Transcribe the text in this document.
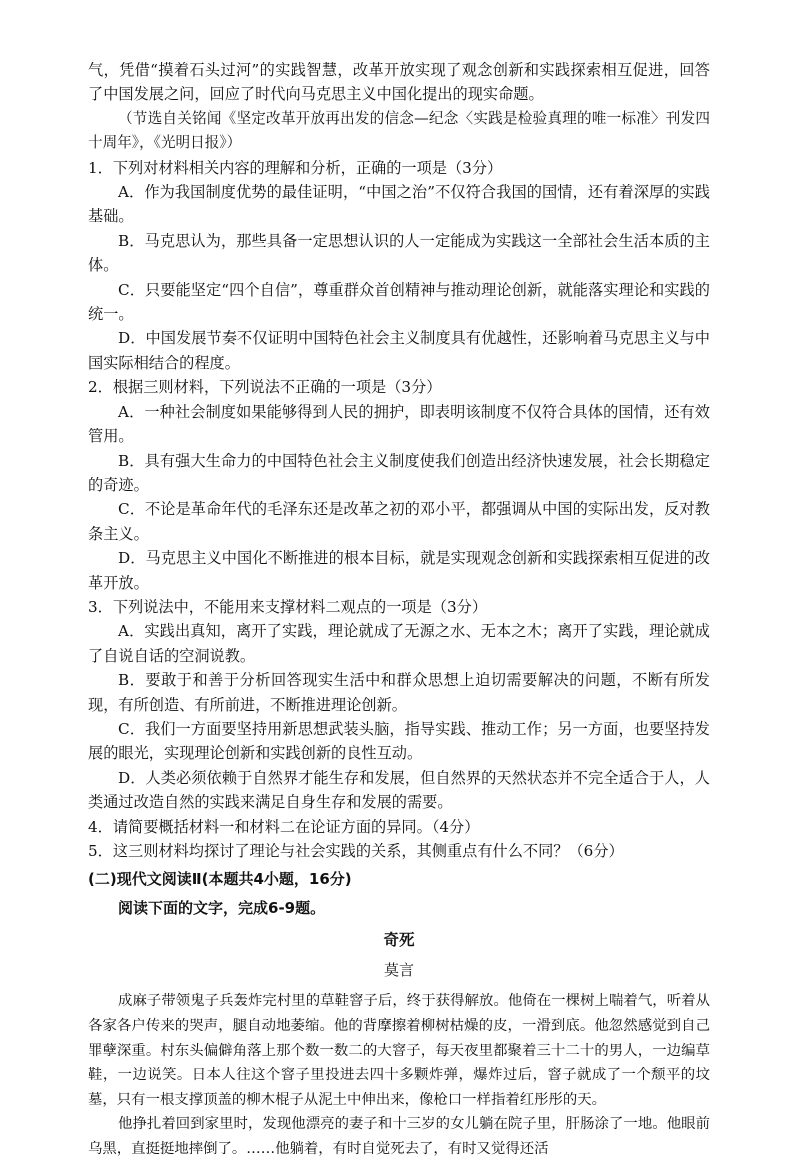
气，凭借“摸着石头过河”的实践智慧，改革开放实现了观念创新和实践探索相互促进，回答了中国发展之问，回应了时代向马克思主义中国化提出的现实命题。

（节选自关铭闻《坚定改革开放再出发的信念—纪念〈实践是检验真理的唯一标准〉刊发四十周年》，《光明日报》）

1．下列对材料相关内容的理解和分析，正确的一项是（3分）

A．作为我国制度优势的最佳证明，“中国之治”不仅符合我国的国情，还有着深厚的实践基础。

B．马克思认为，那些具备一定思想认识的人一定能成为实践这一全部社会生活本质的主体。

C．只要能坚定“四个自信”，尊重群众首创精神与推动理论创新，就能落实理论和实践的统一。

D．中国发展节奏不仅证明中国特色社会主义制度具有优越性，还影响着马克思主义与中国实际相结合的程度。

2．根据三则材料，下列说法不正确的一项是（3分）

A．一种社会制度如果能够得到人民的拥护，即表明该制度不仅符合具体的国情，还有效管用。

B．具有强大生命力的中国特色社会主义制度使我们创造出经济快速发展，社会长期稳定的奇迹。

C．不论是革命年代的毛泽东还是改革之初的邓小平，都强调从中国的实际出发，反对教条主义。

D．马克思主义中国化不断推进的根本目标，就是实现观念创新和实践探索相互促进的改革开放。

3．下列说法中，不能用来支撑材料二观点的一项是（3分）

A．实践出真知，离开了实践，理论就成了无源之水、无本之木；离开了实践，理论就成了自说自话的空洞说教。

B．要敢于和善于分析回答现实生活中和群众思想上迫切需要解决的问题，不断有所发现，有所创造、有所前进，不断推进理论创新。

C．我们一方面要坚持用新思想武装头脑，指导实践、推动工作；另一方面，也要坚持发展的眼光，实现理论创新和实践创新的良性互动。

D．人类必须依赖于自然界才能生存和发展，但自然界的天然状态并不完全适合于人，人类通过改造自然的实践来满足自身生存和发展的需要。

4．请简要概括材料一和材料二在论证方面的异同。（4分）

5．这三则材料均探讨了理论与社会实践的关系，其侧重点有什么不同？（6分）

(二)现代文阅读Ⅱ(本题共4小题，16分)

阅读下面的文字，完成6-9题。

奇死

莫言

成麻子带领鬼子兵轰炸完村里的草鞋窨子后，终于获得解放。他倚在一棵树上喘着气，听着从各家各户传来的哭声，腿自动地萎缩。他的背摩擦着柳树枯燥的皮，一滑到底。他忽然感觉到自己罪孽深重。村东头偏僻角落上那个数一数二的大窨子，每天夜里都聚着三十二十的男人，一边编草鞋，一边说笑。日本人往这个窨子里投进去四十多颗炸弹，爆炸过后，窨子就成了一个颓平的坟墓，只有一根支撑顶盖的柳木棍子从泥土中伸出来，像枪口一样指着红彤彤的天。

他挣扎着回到家里时，发现他漂亮的妻子和十三岁的女儿躺在院子里，肝肠涂了一地。他眼前乌黑，直挺挺地摔倒了。……他躺着，有时自觉死去了，有时又觉得还活
